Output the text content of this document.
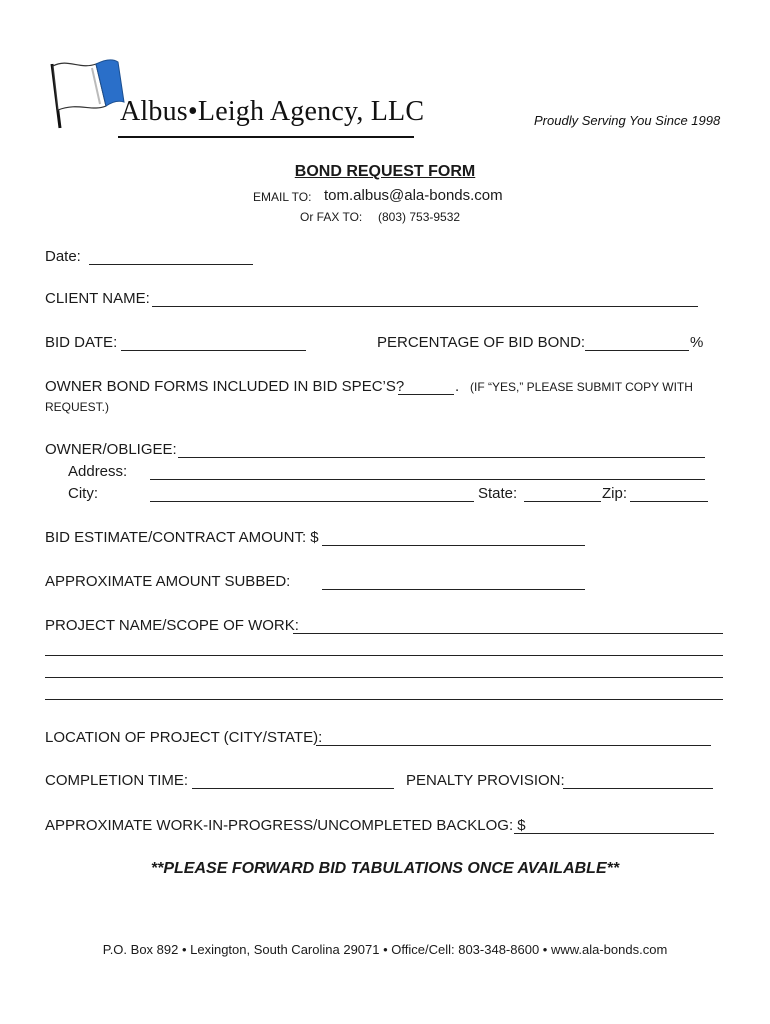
Albus•Leigh Agency, LLC	Proudly Serving You Since 1998
BOND REQUEST FORM
EMAIL TO: tom.albus@ala-bonds.com
Or FAX TO: (803) 753-9532
Date:
CLIENT NAME:
BID DATE:	PERCENTAGE OF BID BOND:	%
OWNER BOND FORMS INCLUDED IN BID SPEC’S?	. (IF “YES,” PLEASE SUBMIT COPY WITH
REQUEST.)
OWNER/OBLIGEE:
Address:
City:	State:	Zip:
BID ESTIMATE/CONTRACT AMOUNT: $
APPROXIMATE AMOUNT SUBBED:
PROJECT NAME/SCOPE OF WORK:
LOCATION OF PROJECT (CITY/STATE):
COMPLETION TIME:	PENALTY PROVISION:
APPROXIMATE WORK-IN-PROGRESS/UNCOMPLETED BACKLOG: $
**PLEASE FORWARD BID TABULATIONS ONCE AVAILABLE**
P.O. Box 892 • Lexington, South Carolina 29071 • Office/Cell: 803-348-8600 • www.ala-bonds.com
